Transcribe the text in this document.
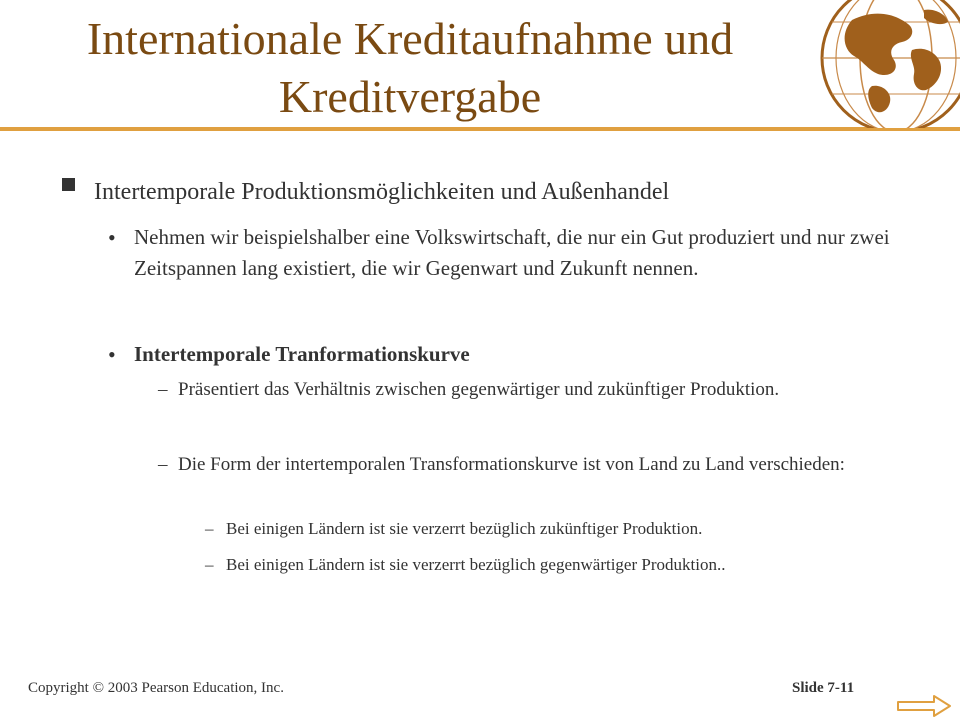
Internationale Kreditaufnahme und Kreditvergabe
Intertemporale Produktionsmöglichkeiten und Außenhandel
• Nehmen wir beispielshalber eine Volkswirtschaft, die nur ein Gut produziert und nur zwei Zeitspannen lang existiert, die wir Gegenwart und Zukunft nennen.
• Intertemporale Tranformationskurve
– Präsentiert das Verhältnis zwischen gegenwärtiger und zukünftiger Produktion.
– Die Form der intertemporalen Transformationskurve ist von Land zu Land verschieden:
– Bei einigen Ländern ist sie verzerrt bezüglich zukünftiger Produktion.
– Bei einigen Ländern ist sie verzerrt bezüglich gegenwärtiger Produktion..
Copyright © 2003 Pearson Education, Inc.	Slide 7-11
